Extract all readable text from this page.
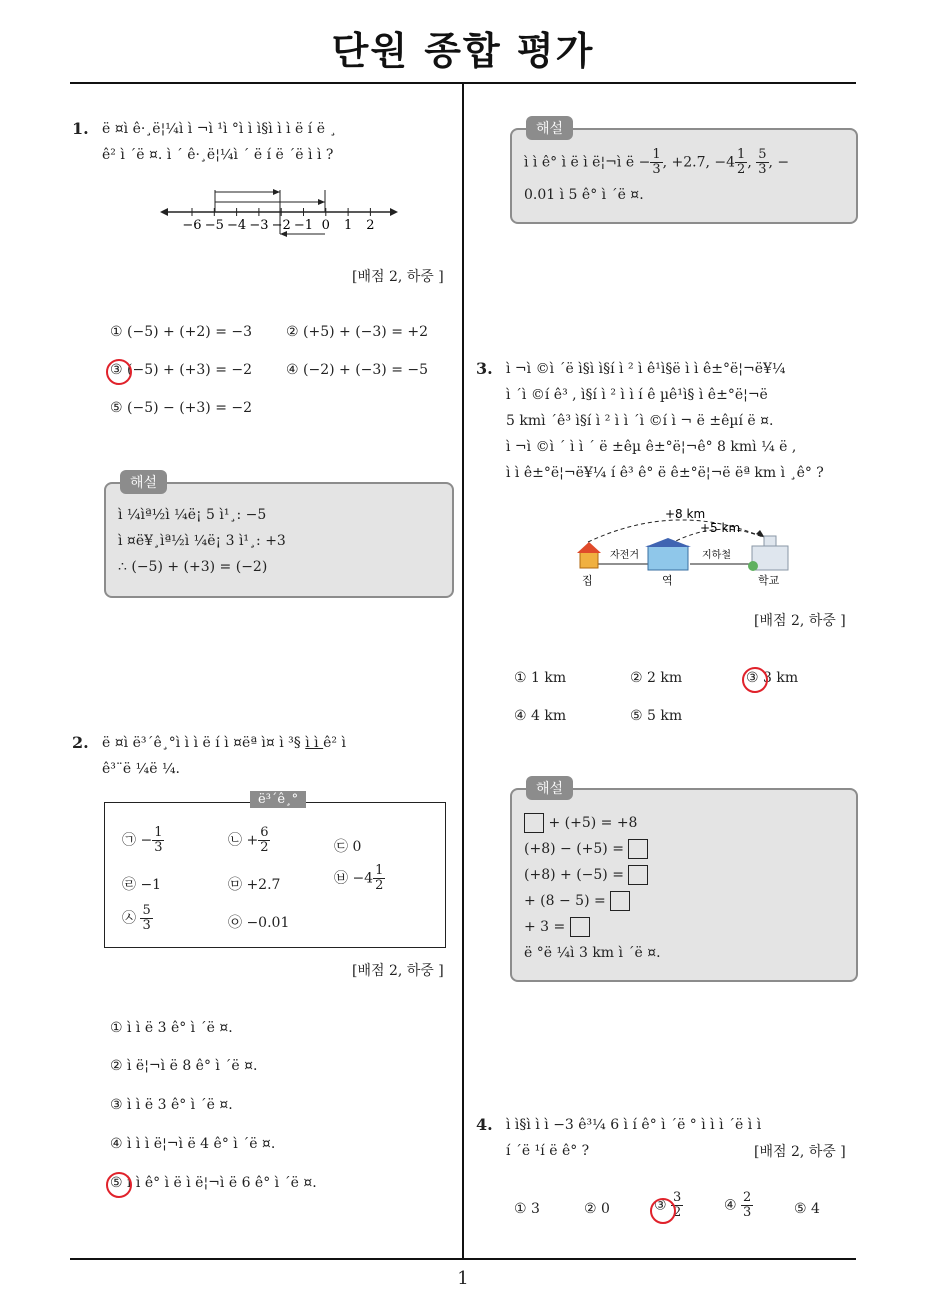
단원 종합 평가
1
1. ë ¤ì ê·¸ë¦¼ì ì ¬ì ¹ì °ì ì ì§ì ì ì ë í ë ¸
ê² ì ´ë ¤. ì ´ ê·¸ë¦¼ì ´ ë í ë ´ë ì ì ?
−6 −5 −4 −3 −2 −1 0 1 2
[배점 2, 하중 ]
① (−5) + (+2) = −3 ② (+5) + (−3) = +2
③ (−5) + (+3) = −2 ④ (−2) + (−3) = −5
⑤ (−5) − (+3) = −2
해설
ì ¼ìª½ì ¼ë¡ 5 ì¹¸: −5
ì ¤ë¥¸ìª½ì ¼ë¡ 3 ì¹¸: +3
∴ (−5) + (+3) = (−2)
2. ë ¤ì ë³´ê¸°ì ì ì ë í ì ¤ëª ì¤ ì ³§ ì ì ê² ì
ê³¨ë ¼ë ¼.
ë³´ê¸°
㉠ − $\frac{1}{3}$	㉡ + $\frac{6}{2}$	㉢ 0
㉣ −1	㉤ +2.7	㉥ $-4 \frac{1}{2}$
㉦ $\frac{5}{3}$	㉧ −0.01
[배점 2, 하중 ]
① ì ì ë 3 ê° ì ´ë ¤.
② ì ë¦¬ì ë 8 ê° ì ´ë ¤.
③ ì ì ë 3 ê° ì ´ë ¤.
④ ì ì ì ë¦¬ì ë 4 ê° ì ´ë ¤.
⑤ ì ì ê° ì ë ì ë¦¬ì ë 6 ê° ì ´ë ¤.
해설
ì ì ê° ì ë ì ë¦¬ì ë − $\frac{1}{3}$ , +2.7, $-4 \frac{1}{2}$ , $\frac{5}{3}$ , −
0.01 ì 5 ê° ì ´ë ¤.
3. ì ¬ì ©ì ´ë ì§ì ì§í ì ² ì ê¹ì§ë ì ì ê±°ë¦¬ë¥¼
ì ´ì ©í ê³ , ì§í ì ² ì ì í ê µê¹ì§ ì ê±°ë¦¬ë
5 kmì ´ê³ ì§í ì ² ì ì ´ì ©í ì ¬ ë ±êµí ë ¤.
ì ¬ì ©ì ´ ì ì ´ ë ±êµ ê±°ë¦¬ê° 8 kmì ¼ ë ,
ì ì ê±°ë¦¬ë¥¼ í ê³ ê° ë ê±°ë¦¬ë ëª km ì ¸ê° ?
+8 km
+5 km
자전거	지하철
집	역	학교
[배점 2, 하중 ]
① 1 km	② 2 km	③ 3 km
④ 4 km	⑤ 5 km
해설
+ (+5) = +8
(+8) − (+5) =
(+8) + (−5) =
+ (8 − 5) =
+ 3 =
ë °ë ¼ì 3 km ì ´ë ¤.
4. ì ì§ì ì ì −3 ê³¼ 6 ì í ê° ì ´ë ° ì ì ì ´ë ì ì
í ´ë ¹í ë ê° ?	[배점 2, 하중 ]
① 3	② 0	③ $\frac{3}{2}$	④ $\frac{2}{3}$	⑤ 4
